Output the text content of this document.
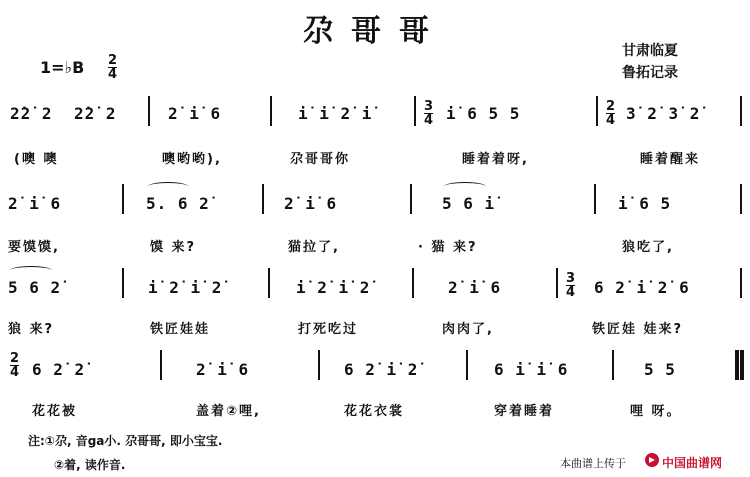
尕哥哥
甘肃临夏
鲁拓记录
1=♭B 2
4
2̇2̇ 2 2̇2̇ 2	2̇ i̇ 6	i̇ i̇ 2̇ i̇	3
4 i̇ 6 5 5	2
4 3̇ 2̇ 3̇ 2̇
(噢 噢	噢哟哟),	尕哥哥你	睡着着呀,	睡着醒来
2̇ i̇ 6	5. 6 2̇	2̇ i̇ 6	5 6 i̇	i̇ 6 5
要馍馍,	馍 来?	猫拉了,	· 猫 来?	狼吃了,
5 6 2̇	i̇ 2̇ i̇ 2̇	i̇ 2̇ i̇ 2̇	2̇ i̇ 6	3
4 6 2̇ i̇ 2̇ 6
狼 来?	铁匠娃娃	打死吃过	肉肉了,	铁匠娃 娃来?
2
4 6 2̇ 2̇	2̇ i̇ 6	6 2̇ i̇ 2̇	6 i̇ i̇ 6	5 5
花花被	盖着②哩,	花花衣裳	穿着睡着	哩 呀。
注:①尕, 音ga小. 尕哥哥, 即小宝宝.
②着, 读作音.	本曲谱上传于	中国曲谱网
